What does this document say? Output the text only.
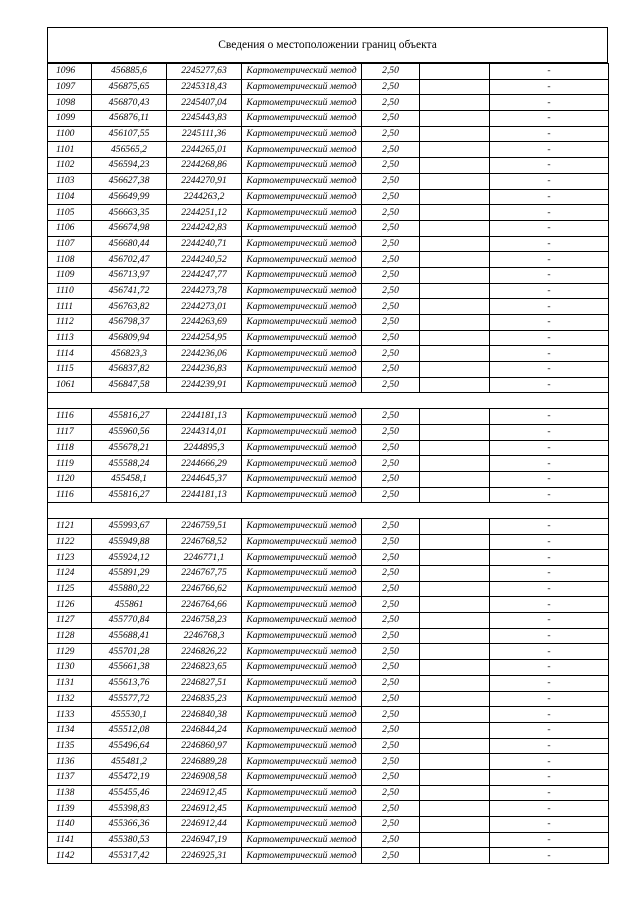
Сведения о местоположении границ объекта
1096	456885,6	2245277,63	Картометрический метод	2,50		-
1097	456875,65	2245318,43	Картометрический метод	2,50		-
1098	456870,43	2245407,04	Картометрический метод	2,50		-
1099	456876,11	2245443,83	Картометрический метод	2,50		-
1100	456107,55	2245111,36	Картометрический метод	2,50		-
1101	456565,2	2244265,01	Картометрический метод	2,50		-
1102	456594,23	2244268,86	Картометрический метод	2,50		-
1103	456627,38	2244270,91	Картометрический метод	2,50		-
1104	456649,99	2244263,2	Картометрический метод	2,50		-
1105	456663,35	2244251,12	Картометрический метод	2,50		-
1106	456674,98	2244242,83	Картометрический метод	2,50		-
1107	456680,44	2244240,71	Картометрический метод	2,50		-
1108	456702,47	2244240,52	Картометрический метод	2,50		-
1109	456713,97	2244247,77	Картометрический метод	2,50		-
1110	456741,72	2244273,78	Картометрический метод	2,50		-
1111	456763,82	2244273,01	Картометрический метод	2,50		-
1112	456798,37	2244263,69	Картометрический метод	2,50		-
1113	456809,94	2244254,95	Картометрический метод	2,50		-
1114	456823,3	2244236,06	Картометрический метод	2,50		-
1115	456837,82	2244236,83	Картометрический метод	2,50		-
1061	456847,58	2244239,91	Картометрический метод	2,50		-

1116	455816,27	2244181,13	Картометрический метод	2,50		-
1117	455960,56	2244314,01	Картометрический метод	2,50		-
1118	455678,21	2244895,3	Картометрический метод	2,50		-
1119	455588,24	2244666,29	Картометрический метод	2,50		-
1120	455458,1	2244645,37	Картометрический метод	2,50		-
1116	455816,27	2244181,13	Картометрический метод	2,50		-

1121	455993,67	2246759,51	Картометрический метод	2,50		-
1122	455949,88	2246768,52	Картометрический метод	2,50		-
1123	455924,12	2246771,1	Картометрический метод	2,50		-
1124	455891,29	2246767,75	Картометрический метод	2,50		-
1125	455880,22	2246766,62	Картометрический метод	2,50		-
1126	455861	2246764,66	Картометрический метод	2,50		-
1127	455770,84	2246758,23	Картометрический метод	2,50		-
1128	455688,41	2246768,3	Картометрический метод	2,50		-
1129	455701,28	2246826,22	Картометрический метод	2,50		-
1130	455661,38	2246823,65	Картометрический метод	2,50		-
1131	455613,76	2246827,51	Картометрический метод	2,50		-
1132	455577,72	2246835,23	Картометрический метод	2,50		-
1133	455530,1	2246840,38	Картометрический метод	2,50		-
1134	455512,08	2246844,24	Картометрический метод	2,50		-
1135	455496,64	2246860,97	Картометрический метод	2,50		-
1136	455481,2	2246889,28	Картометрический метод	2,50		-
1137	455472,19	2246908,58	Картометрический метод	2,50		-
1138	455455,46	2246912,45	Картометрический метод	2,50		-
1139	455398,83	2246912,45	Картометрический метод	2,50		-
1140	455366,36	2246912,44	Картометрический метод	2,50		-
1141	455380,53	2246947,19	Картометрический метод	2,50		-
1142	455317,42	2246925,31	Картометрический метод	2,50		-
